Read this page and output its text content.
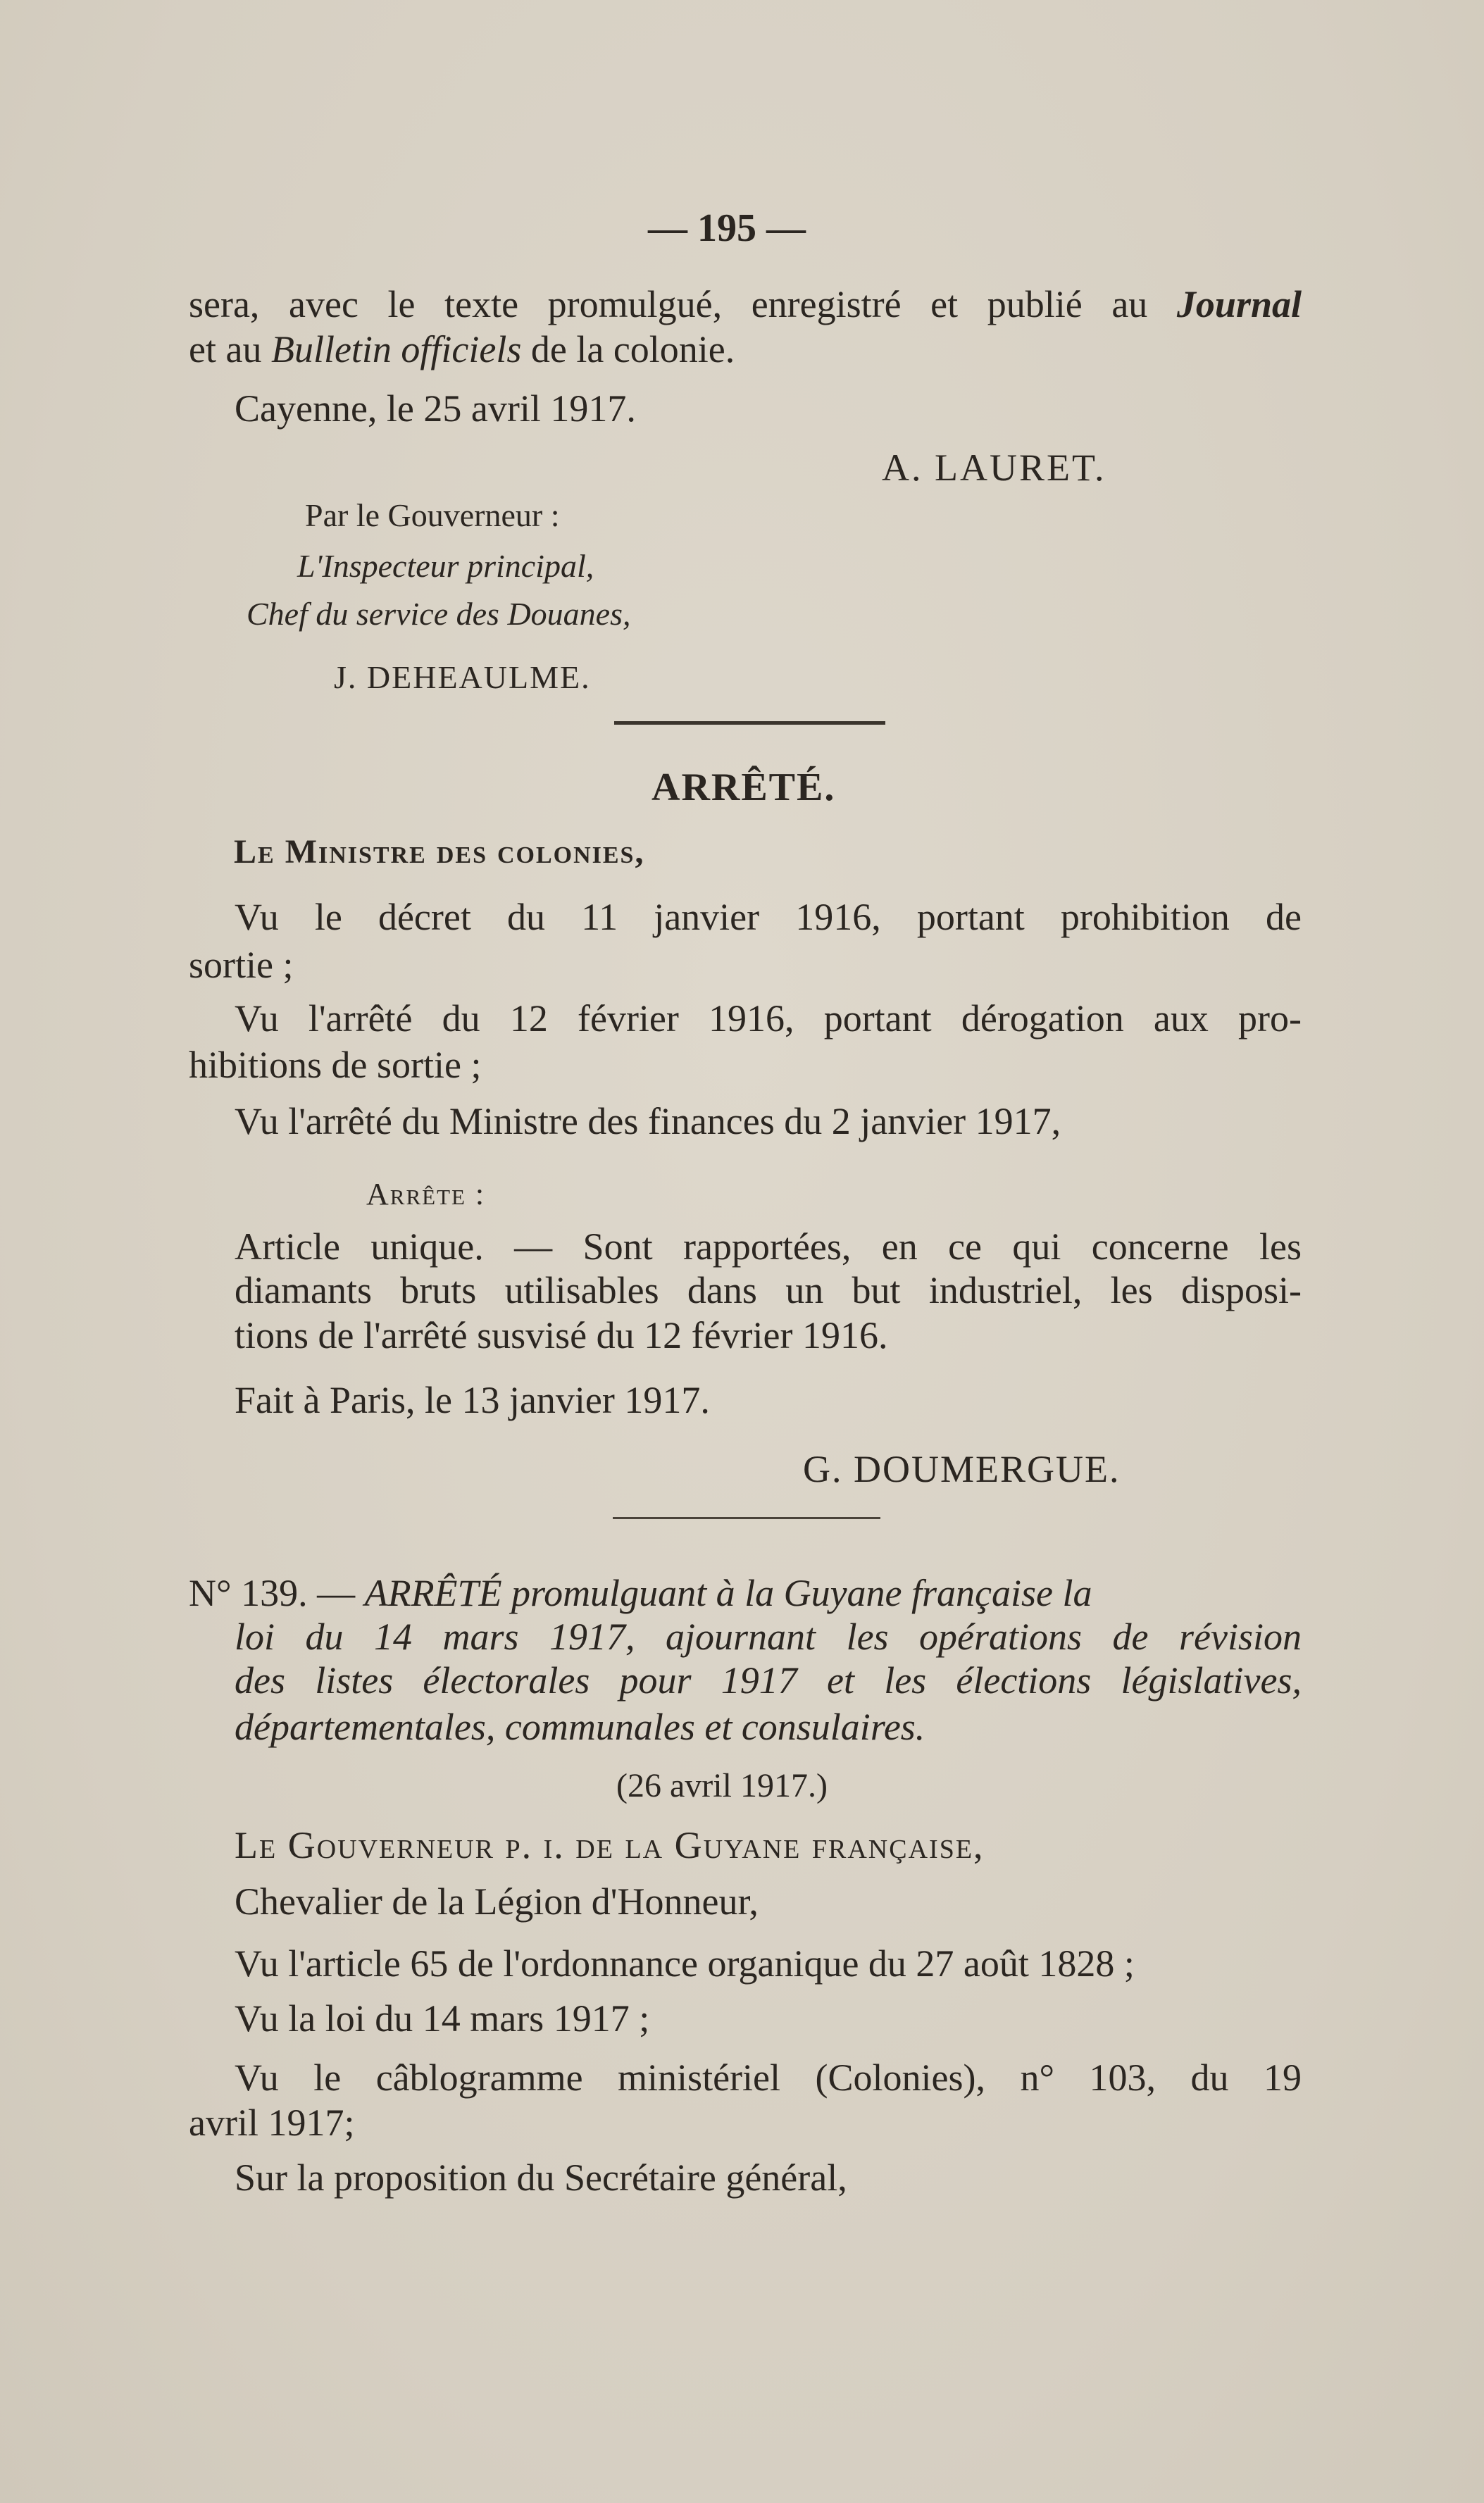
— 195 —
sera, avec le texte promulgué, enregistré et publié au Journal
et au Bulletin officiels de la colonie.
Cayenne, le 25 avril 1917.
A. LAURET.
Par le Gouverneur :
L'Inspecteur principal,
Chef du service des Douanes,
J. DEHEAULME.
ARRÊTÉ.
Le Ministre des colonies,
Vu le décret du 11 janvier 1916, portant prohibition de
sortie ;
Vu l'arrêté du 12 février 1916, portant dérogation aux pro-
hibitions de sortie ;
Vu l'arrêté du Ministre des finances du 2 janvier 1917,
Arrête :
Article unique. — Sont rapportées, en ce qui concerne les
diamants bruts utilisables dans un but industriel, les disposi-
tions de l'arrêté susvisé du 12 février 1916.
Fait à Paris, le 13 janvier 1917.
G. DOUMERGUE.
N° 139. — ARRÊTÉ promulguant à la Guyane française la
loi du 14 mars 1917, ajournant les opérations de révision
des listes électorales pour 1917 et les élections législatives,
départementales, communales et consulaires.
(26 avril 1917.)
Le Gouverneur p. i. de la Guyane française,
Chevalier de la Légion d'Honneur,
Vu l'article 65 de l'ordonnance organique du 27 août 1828 ;
Vu la loi du 14 mars 1917 ;
Vu le câblogramme ministériel (Colonies), n° 103, du 19
avril 1917;
Sur la proposition du Secrétaire général,
